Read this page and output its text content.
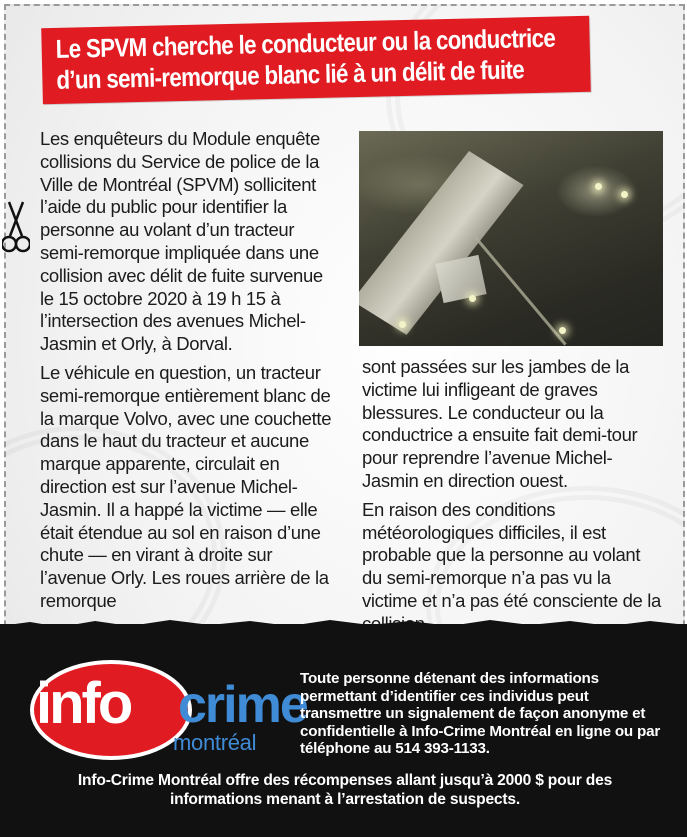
Le SPVM cherche le conducteur ou la conductrice
d’un semi-remorque blanc lié à un délit de fuite

Les enquêteurs du Module enquête collisions du Service de police de la Ville de Montréal (SPVM) sollicitent l’aide du public pour identifier la personne au volant d’un tracteur semi-remorque impliquée dans une collision avec délit de fuite survenue le 15 octobre 2020 à 19 h 15 à l’intersection des avenues Michel-Jasmin et Orly, à Dorval.

Le véhicule en question, un tracteur semi-remorque entièrement blanc de la marque Volvo, avec une couchette dans le haut du tracteur et aucune marque apparente, circulait en direction est sur l’avenue Michel-Jasmin. Il a happé la victime — elle était étendue au sol en raison d’une chute — en virant à droite sur l’avenue Orly. Les roues arrière de la remorque

sont passées sur les jambes de la victime lui infligeant de graves blessures. Le conducteur ou la conductrice a ensuite fait demi-tour pour reprendre l’avenue Michel-Jasmin en direction ouest.

En raison des conditions météorologiques difficiles, il est probable que la personne au volant du semi-remorque n’a pas vu la victime et n’a pas été consciente de la

info crime
montréal
Toute personne détenant des informations permettant d’identifier ces individus peut transmettre un signalement de façon anonyme et confidentielle à Info-Crime Montréal en ligne ou par téléphone au 514 393-1133.
Info-Crime Montréal offre des récompenses allant jusqu’à 2000 $ pour des informations menant à l’arrestation de suspects.
